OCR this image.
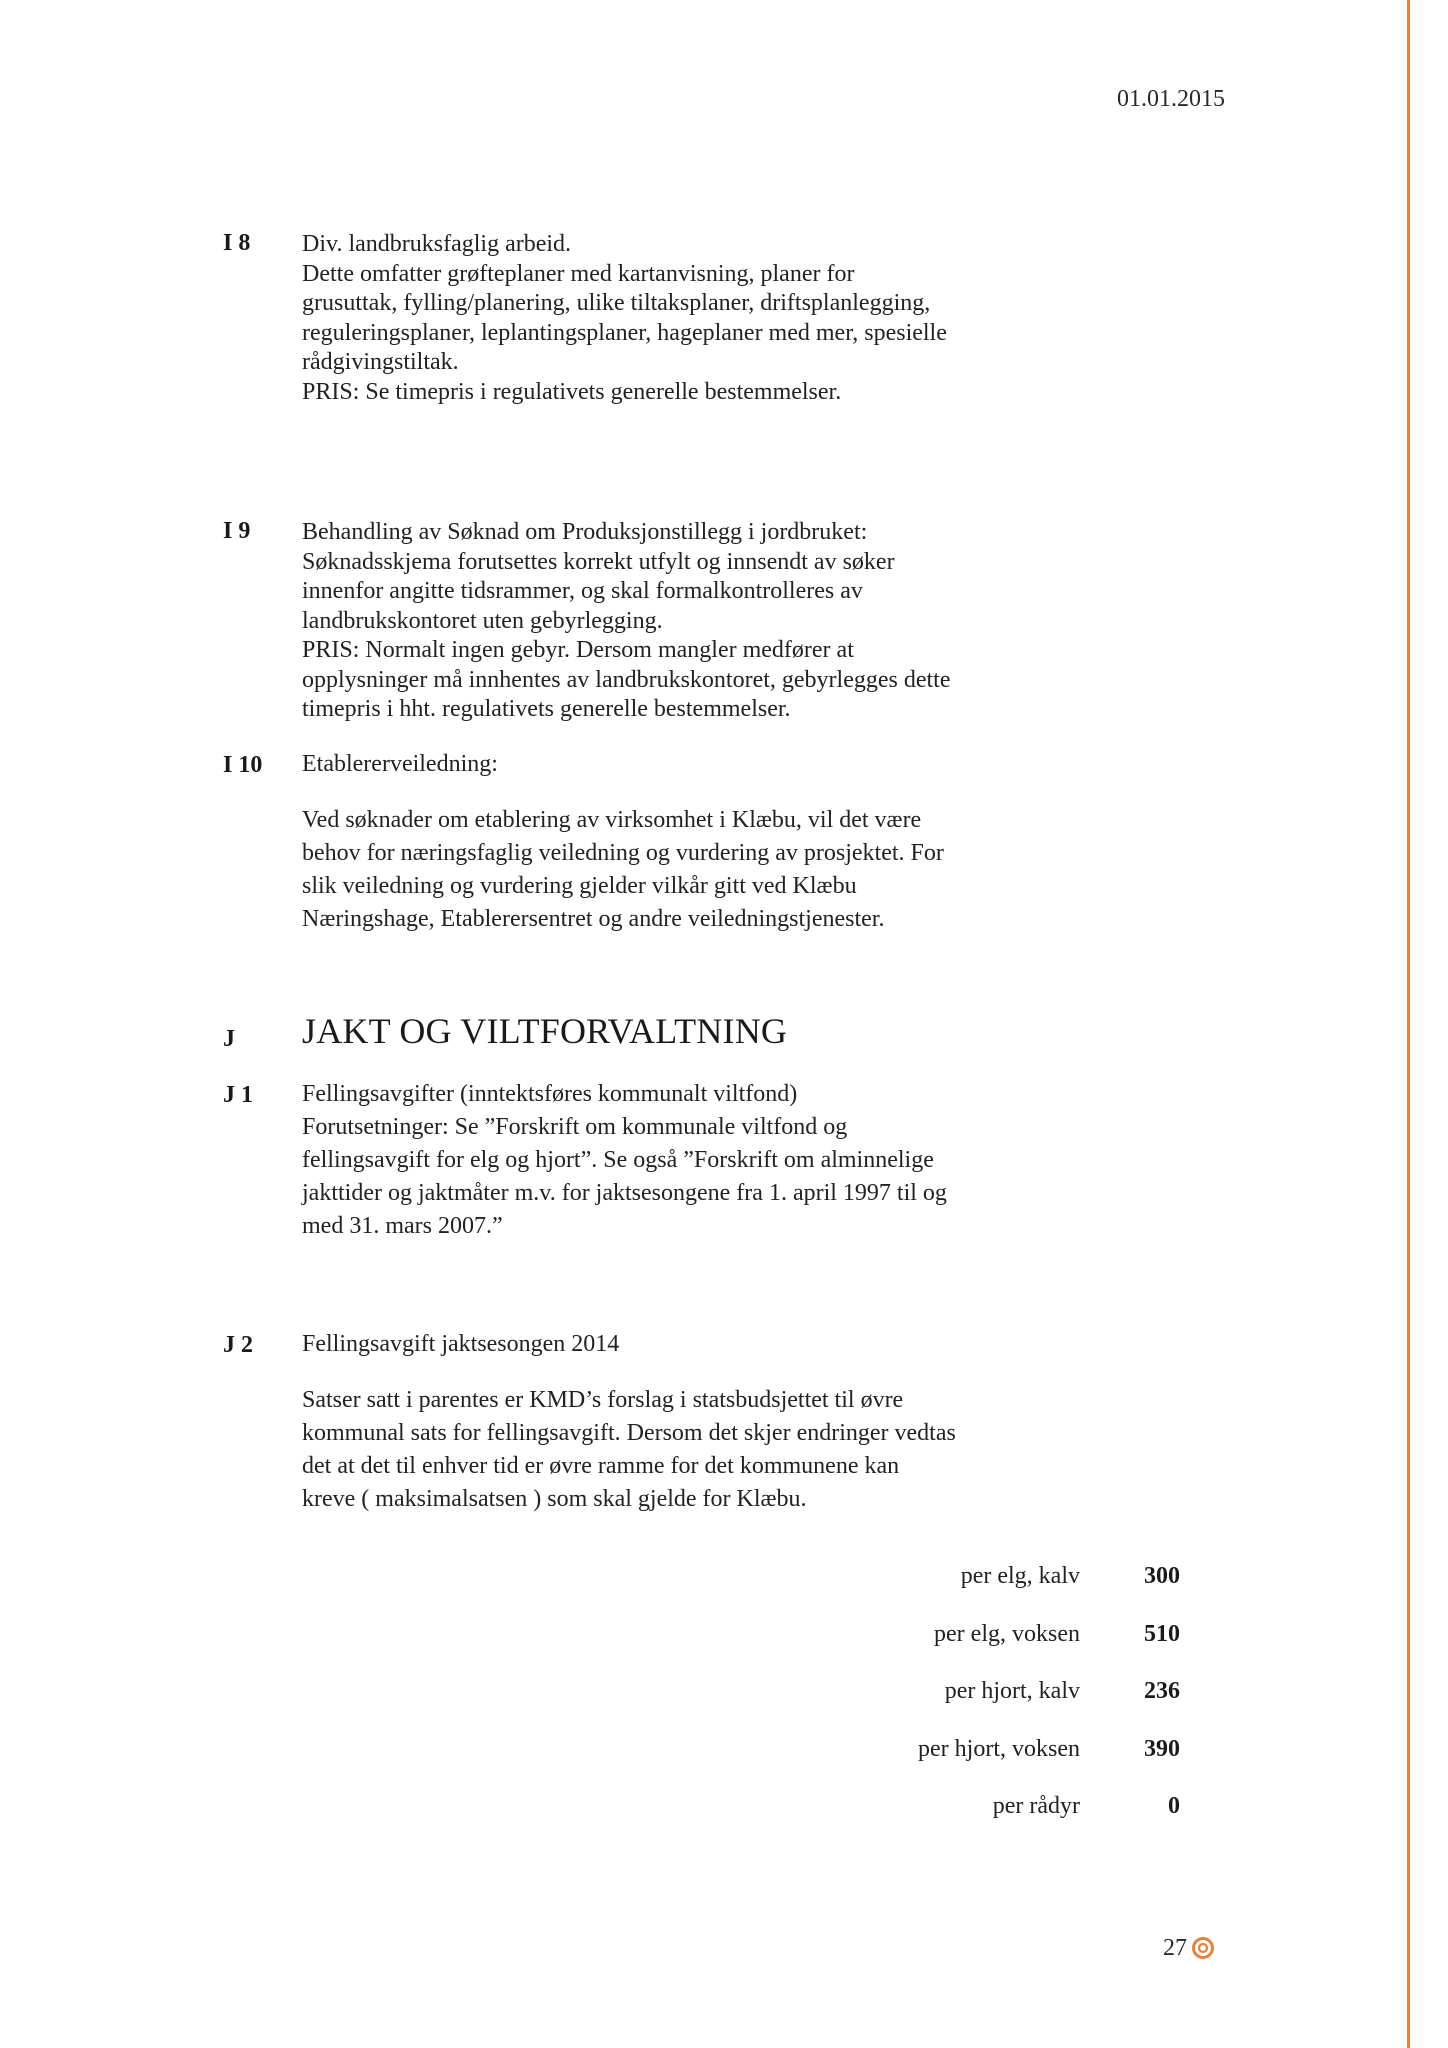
01.01.2015
I 8	Div. landbruksfaglig arbeid.

Dette omfatter grøfteplaner med kartanvisning, planer for

grusuttak, fylling/planering, ulike tiltaksplaner, driftsplanlegging,

reguleringsplaner, leplantingsplaner, hageplaner med mer, spesielle

rådgivingstiltak.

PRIS: Se timepris i regulativets generelle bestemmelser.

I 9	Behandling av Søknad om Produksjonstillegg i jordbruket:

Søknadsskjema forutsettes korrekt utfylt og innsendt av søker

innenfor angitte tidsrammer, og skal formalkontrolleres av

landbrukskontoret uten gebyrlegging.

PRIS: Normalt ingen gebyr. Dersom mangler medfører at

opplysninger må innhentes av landbrukskontoret, gebyrlegges dette

timepris i hht. regulativets generelle bestemmelser.

I 10	Etablererveiledning:

Ved søknader om etablering av virksomhet i Klæbu, vil det være

behov for næringsfaglig veiledning og vurdering av prosjektet. For

slik veiledning og vurdering gjelder vilkår gitt ved Klæbu

Næringshage, Etablerersentret og andre veiledningstjenester.

J	JAKT OG VILTFORVALTNING
J 1	Fellingsavgifter (inntektsføres kommunalt viltfond)

Forutsetninger: Se ”Forskrift om kommunale viltfond og

fellingsavgift for elg og hjort”. Se også ”Forskrift om alminnelige

jakttider og jaktmåter m.v. for jaktsesongene fra 1. april 1997 til og

med 31. mars 2007.”

J 2	Fellingsavgift jaktsesongen 2014

Satser satt i parentes er KMD’s forslag i statsbudsjettet til øvre

kommunal sats for fellingsavgift. Dersom det skjer endringer vedtas

det at det til enhver tid er øvre ramme for det kommunene kan

kreve ( maksimalsatsen ) som skal gjelde for Klæbu.

per elg, kalv	300
per elg, voksen	510
per hjort, kalv	236
per hjort, voksen	390
per rådyr	0
27
